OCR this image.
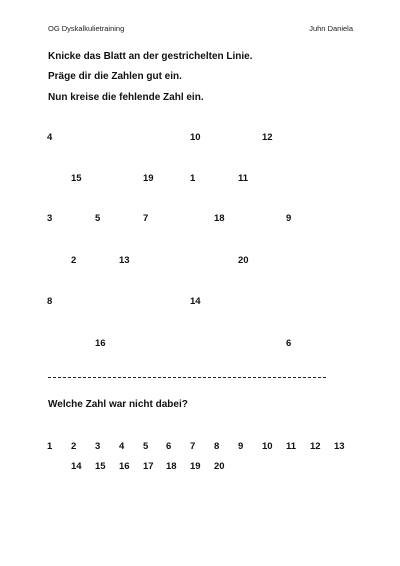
OG Dyskalkulietraining	Juhn Daniela
Knicke das Blatt an der gestrichelten Linie.
Präge dir die Zahlen gut ein.
Nun kreise die fehlende Zahl ein.
4	10	12
15	19	1	11
3	5	7	18	9
2	13	20
8	14
16	6
Welche Zahl war nicht dabei?
1 2 3 4 5 6 7 8 9 10 11 12 13
14 15 16 17 18 19 20
